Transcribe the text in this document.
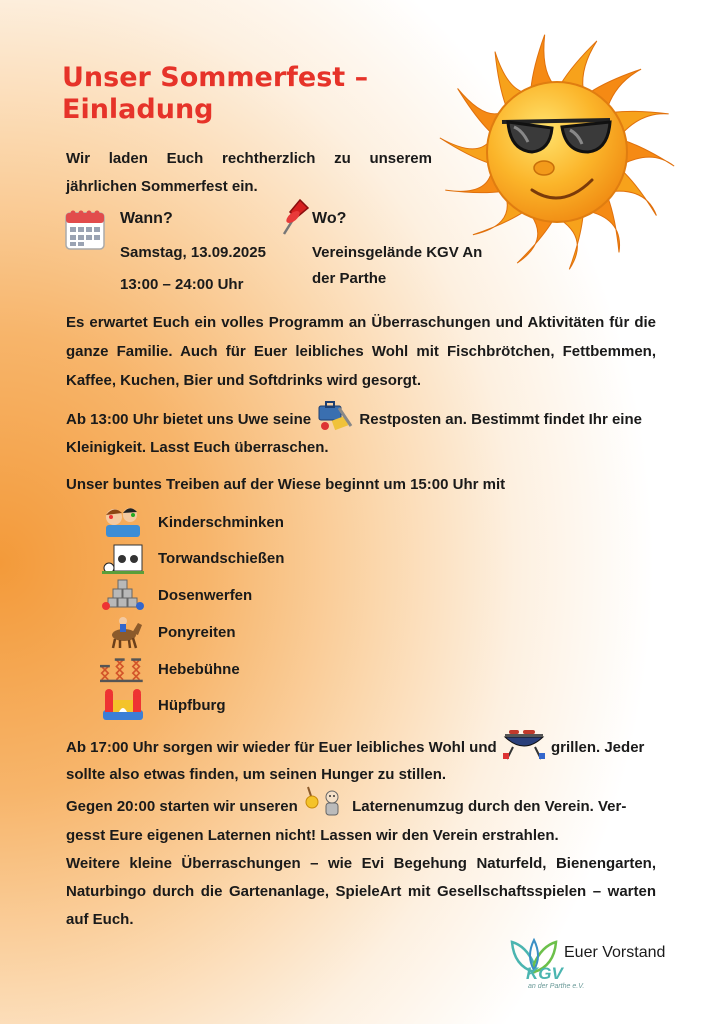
Unser Sommerfest –
Einladung
Wir laden Euch rechtherzlich zu unserem
jährlichen Sommerfest ein.
Wann?
Samstag, 13.09.2025
13:00 – 24:00 Uhr
Wo?
Vereinsgelände KGV An
der Parthe

Es erwartet Euch ein volles Programm an Überraschungen und Aktivitäten für die ganze Familie. Auch für Euer leibliches Wohl mit Fischbrötchen, Fettbemmen, Kaffee, Kuchen, Bier und Softdrinks wird gesorgt.

Ab 13:00 Uhr bietet uns Uwe seine	Restposten an. Bestimmt findet Ihr eine
Kleinigkeit. Lasst Euch überraschen.
Unser buntes Treiben auf der Wiese beginnt um 15:00 Uhr mit
Kinderschminken
Torwandschießen
Dosenwerfen
Ponyreiten
Hebebühne
Hüpfburg
Ab 17:00 Uhr sorgen wir wieder für Euer leibliches Wohl und	grillen. Jeder
sollte also etwas finden, um seinen Hunger zu stillen.
Gegen 20:00 starten wir unseren	Laternenumzug durch den Verein. Ver-
gesst Eure eigenen Laternen nicht! Lassen wir den Verein erstrahlen.

Weitere kleine Überraschungen – wie Evi Begehung Naturfeld, Bienengarten, Naturbingo durch die Gartenanlage, SpieleArt mit Gesellschaftsspielen – warten auf Euch.

Euer Vorstand
KGV
an der Parthe e.V.
